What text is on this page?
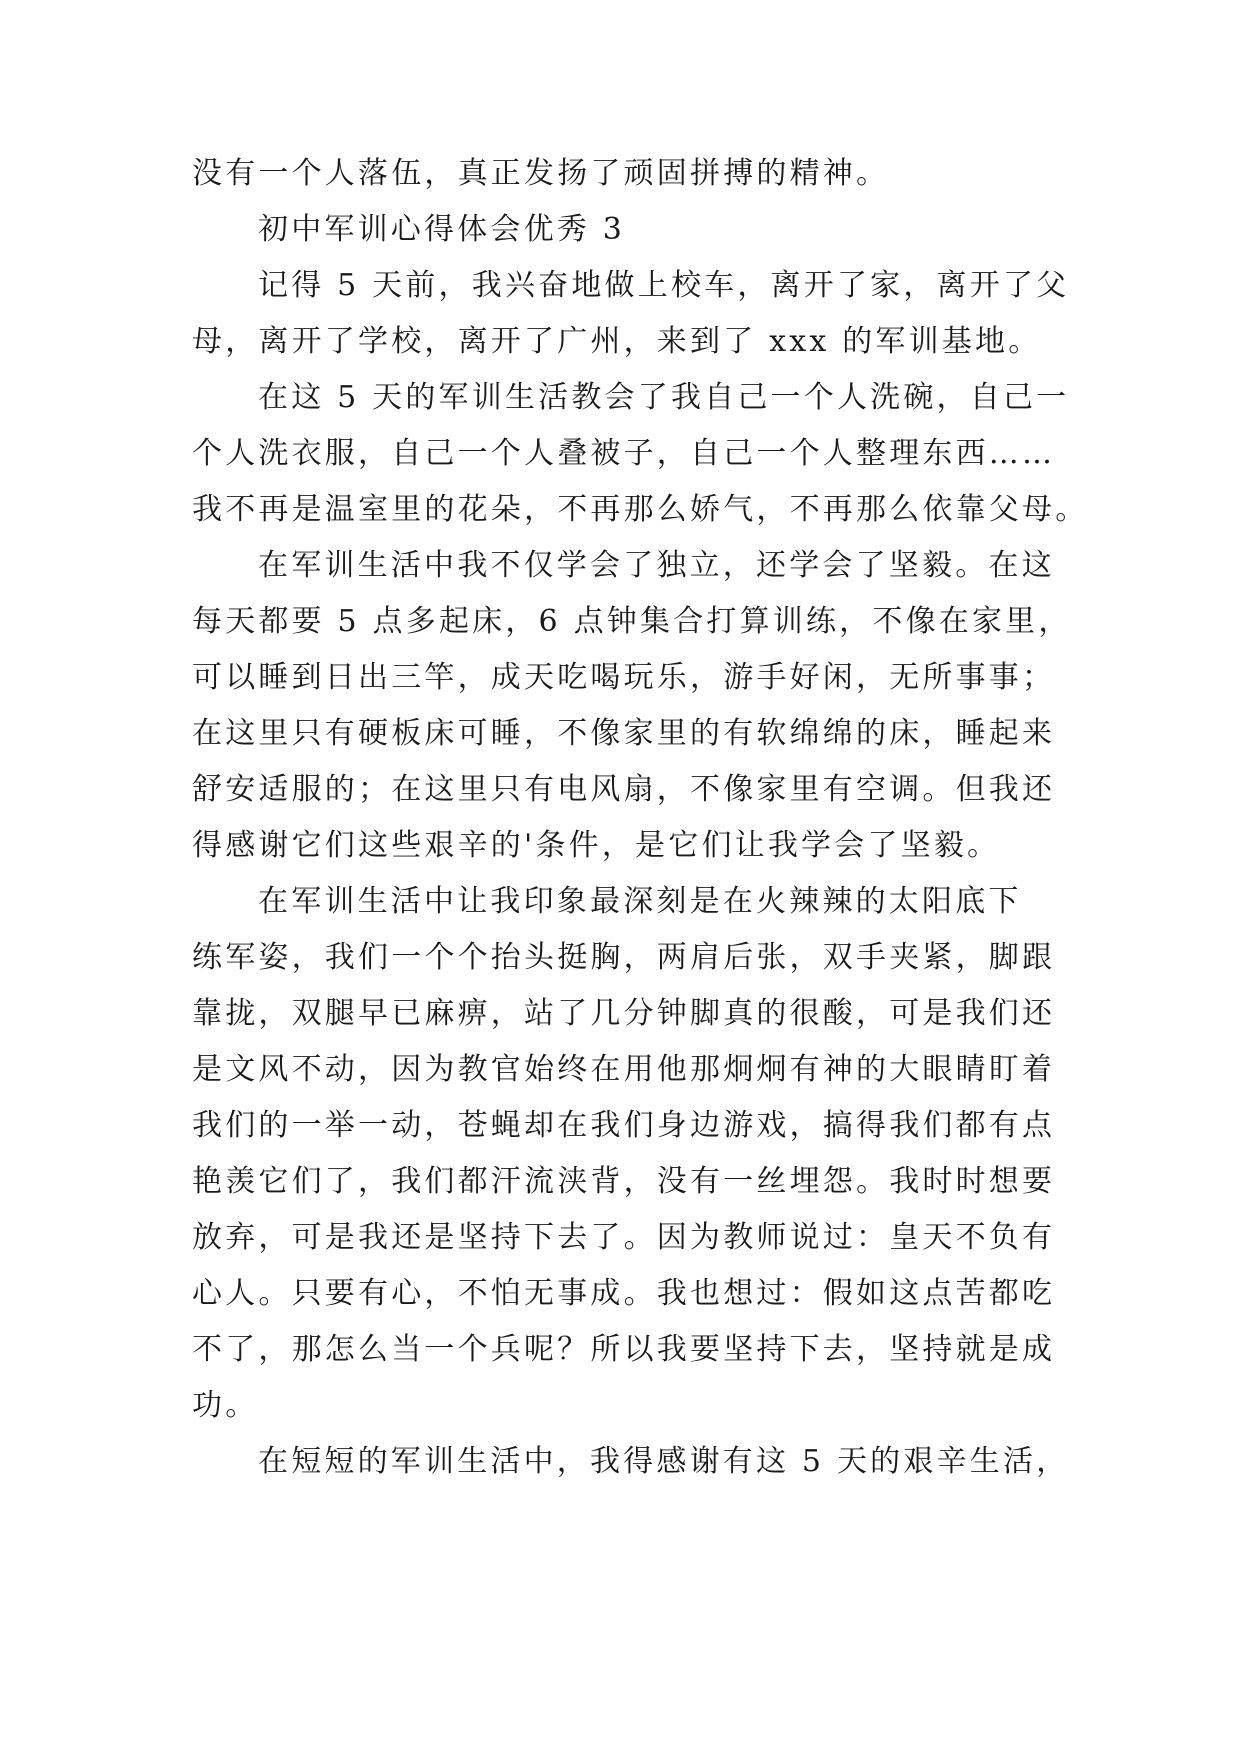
没有一个人落伍，真正发扬了顽固拼搏的精神。
初中军训心得体会优秀 3
记得 5 天前，我兴奋地做上校车，离开了家，离开了父
母，离开了学校，离开了广州，来到了 xxx 的军训基地。
在这 5 天的军训生活教会了我自己一个人洗碗，自己一
个人洗衣服，自己一个人叠被子，自己一个人整理东西……
我不再是温室里的花朵，不再那么娇气，不再那么依靠父母。
在军训生活中我不仅学会了独立，还学会了坚毅。在这
每天都要 5 点多起床，6 点钟集合打算训练，不像在家里，
可以睡到日出三竿，成天吃喝玩乐，游手好闲，无所事事；
在这里只有硬板床可睡，不像家里的有软绵绵的床，睡起来
舒安适服的；在这里只有电风扇，不像家里有空调。但我还
得感谢它们这些艰辛的'条件，是它们让我学会了坚毅。
在军训生活中让我印象最深刻是在火辣辣的太阳底下
练军姿，我们一个个抬头挺胸，两肩后张，双手夹紧，脚跟
靠拢，双腿早已麻痹，站了几分钟脚真的很酸，可是我们还
是文风不动，因为教官始终在用他那炯炯有神的大眼睛盯着
我们的一举一动，苍蝇却在我们身边游戏，搞得我们都有点
艳羡它们了，我们都汗流浃背，没有一丝埋怨。我时时想要
放弃，可是我还是坚持下去了。因为教师说过：皇天不负有
心人。只要有心，不怕无事成。我也想过：假如这点苦都吃
不了，那怎么当一个兵呢？所以我要坚持下去，坚持就是成
功。
在短短的军训生活中，我得感谢有这 5 天的艰辛生活，
